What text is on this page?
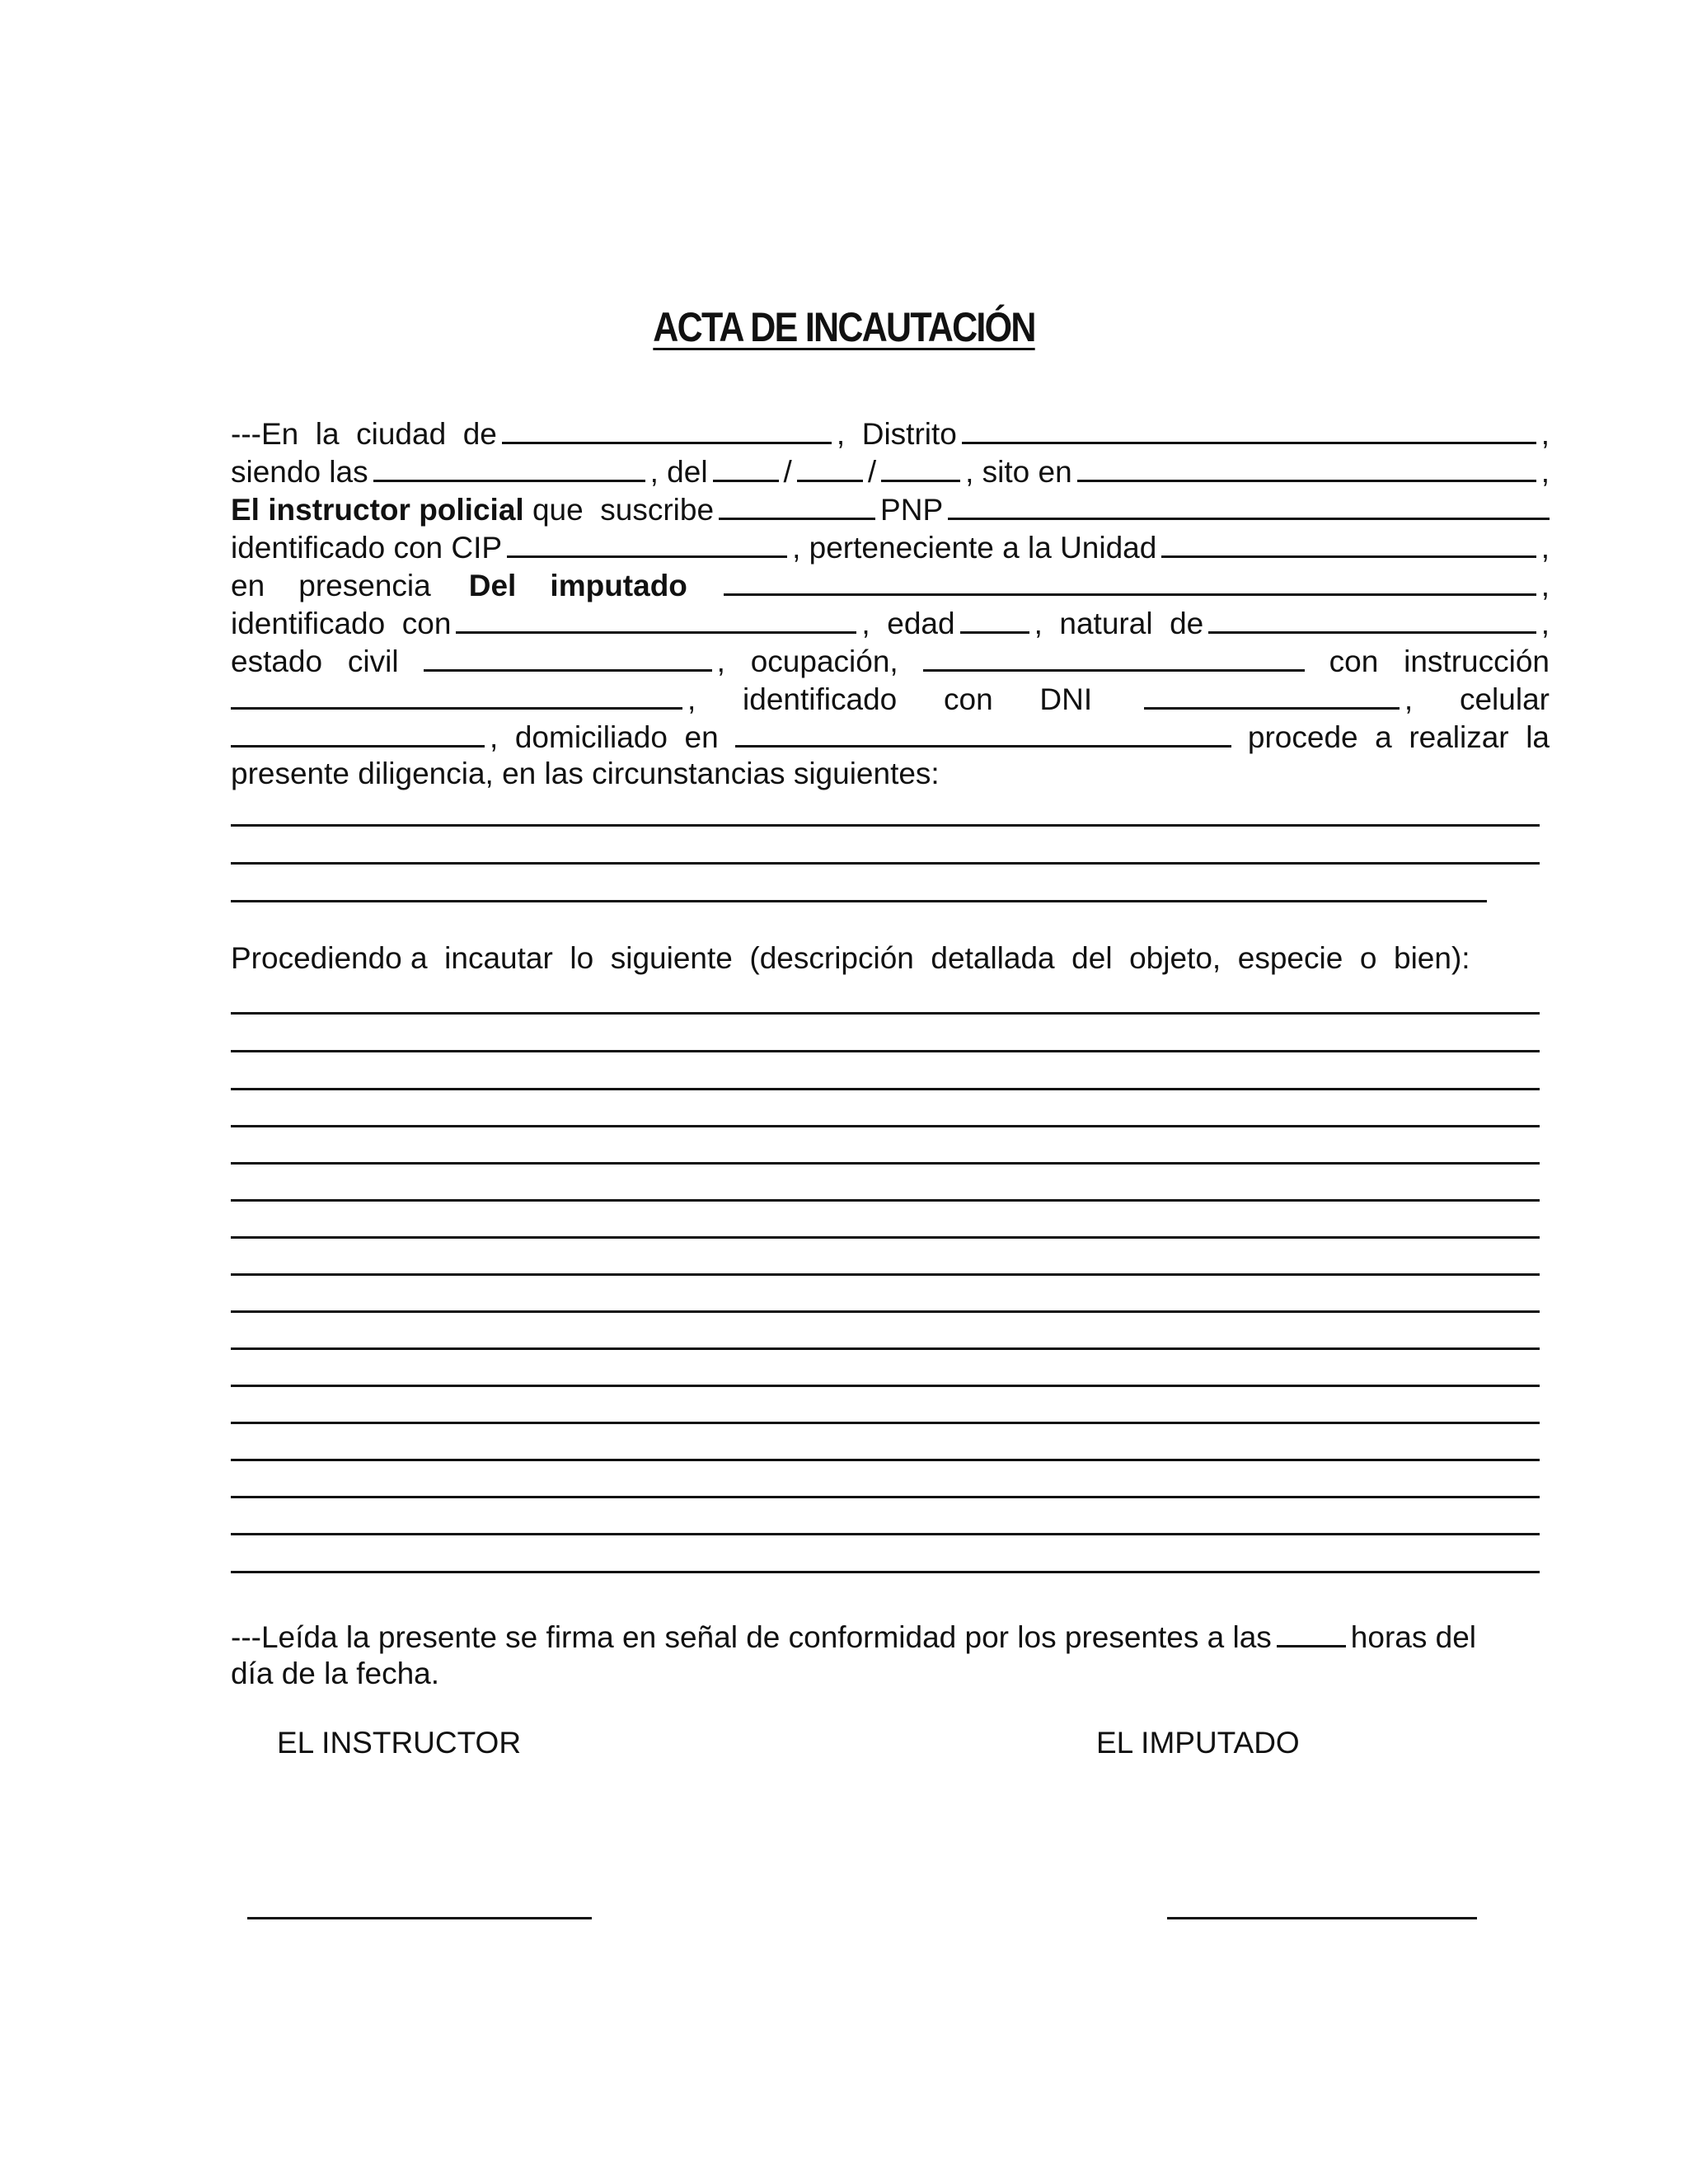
ACTA DE INCAUTACIÓN
---En  la  ciudad  de	,  Distrito	,
siendo las	, del / /	, sito en	,
El instructor policial que  suscribe	PNP
identificado con CIP	, perteneciente a la Unidad	,
en    presencia Del    imputado	,
identificado  con	,  edad	,  natural  de	,
estado   civil	,   ocupación,	con   instrucción
, identificado con DNI	, celular
,  domiciliado  en	procede  a  realizar  la
presente diligencia, en las circunstancias siguientes:
Procediendo a  incautar  lo  siguiente  (descripción  detallada  del  objeto,  especie  o  bien):
---Leída la presente se firma en señal de conformidad por los presentes a las	horas del
día de la fecha.
EL INSTRUCTOR	EL IMPUTADO
